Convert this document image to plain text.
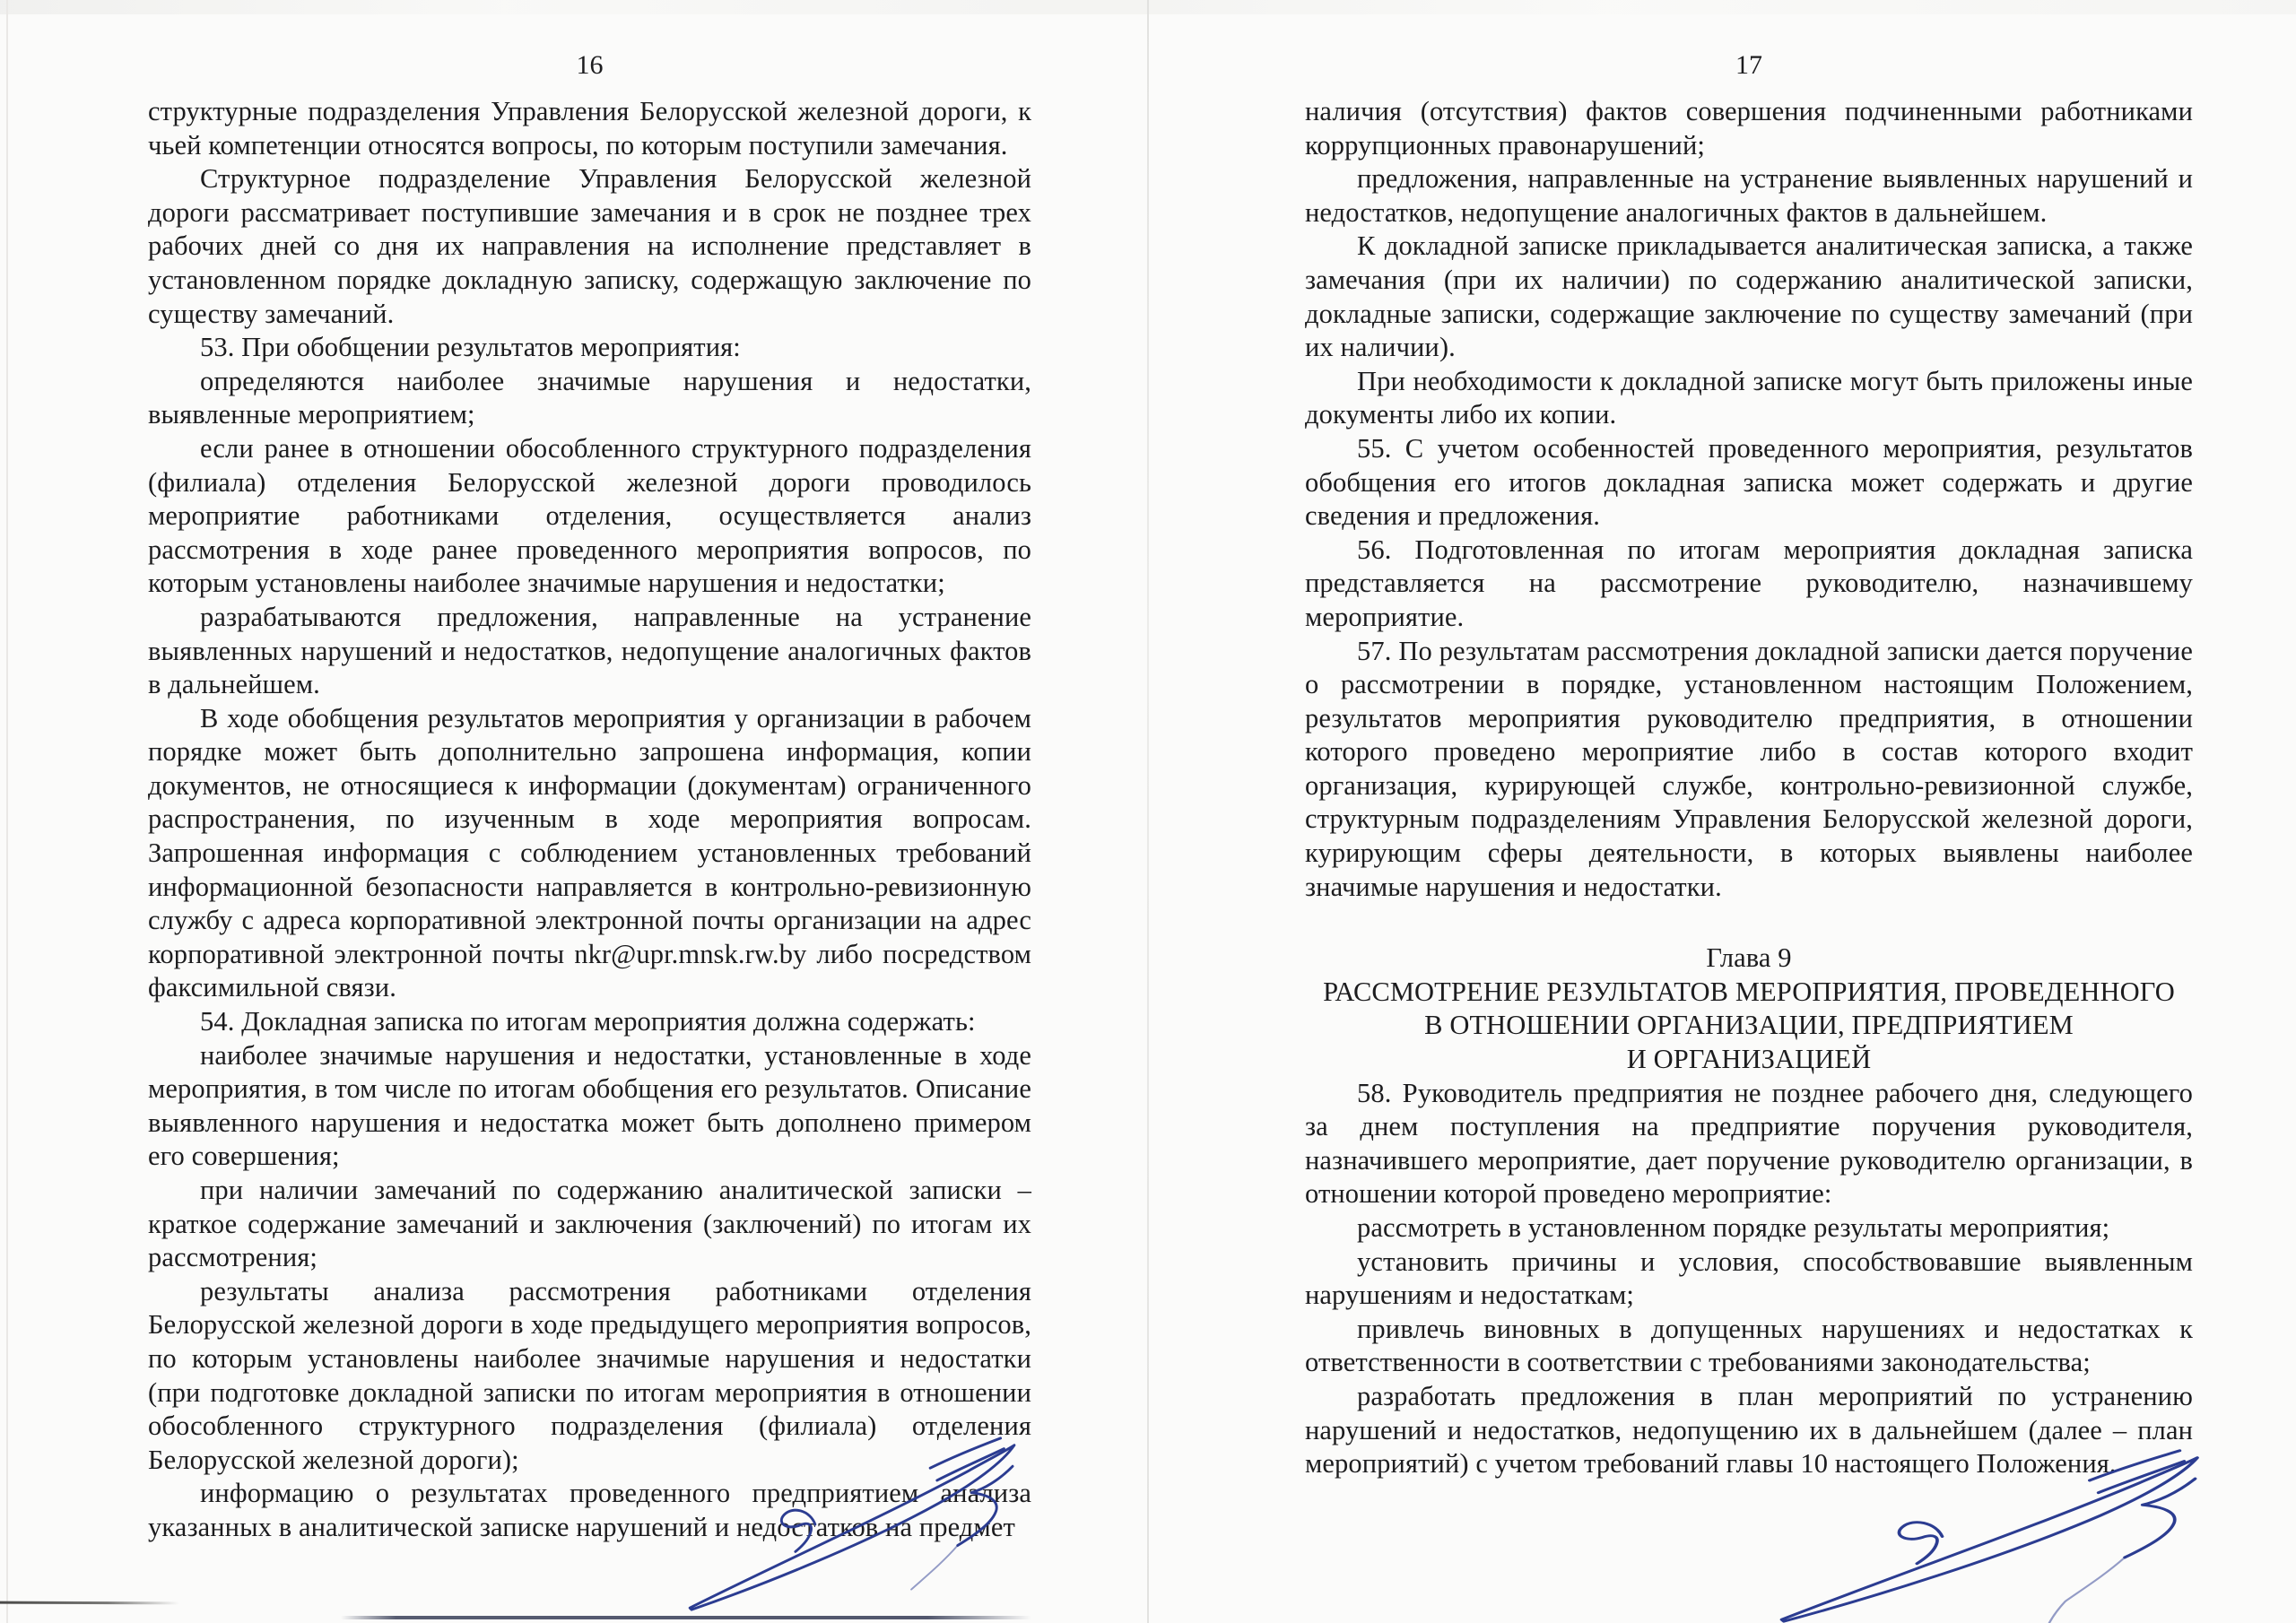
16

структурные подразделения Управления Белорусской железной дороги, к чьей компетенции относятся вопросы, по которым поступили замечания.

Структурное подразделение Управления Белорусской железной дороги рассматривает поступившие замечания и в срок не позднее трех рабочих дней со дня их направления на исполнение представляет в установленном порядке докладную записку, содержащую заключение по существу замечаний.

53. При обобщении результатов мероприятия:

определяются наиболее значимые нарушения и недостатки, выявленные мероприятием;

если ранее в отношении обособленного структурного подразделения (филиала) отделения Белорусской железной дороги проводилось мероприятие работниками отделения, осуществляется анализ рассмотрения в ходе ранее проведенного мероприятия вопросов, по которым установлены наиболее значимые нарушения и недостатки;

разрабатываются предложения, направленные на устранение выявленных нарушений и недостатков, недопущение аналогичных фактов в дальнейшем.

В ходе обобщения результатов мероприятия у организации в рабочем порядке может быть дополнительно запрошена информация, копии документов, не относящиеся к информации (документам) ограниченного распространения, по изученным в ходе мероприятия вопросам. Запрошенная информация с соблюдением установленных требований информационной безопасности направляется в контрольно-ревизионную службу с адреса корпоративной электронной почты организации на адрес корпоративной электронной почты nkr@upr.mnsk.rw.by либо посредством факсимильной связи.

54. Докладная записка по итогам мероприятия должна содержать:

наиболее значимые нарушения и недостатки, установленные в ходе мероприятия, в том числе по итогам обобщения его результатов. Описание выявленного нарушения и недостатка может быть дополнено примером его совершения;

при наличии замечаний по содержанию аналитической записки – краткое содержание замечаний и заключения (заключений) по итогам их рассмотрения;

результаты анализа рассмотрения работниками отделения Белорусской железной дороги в ходе предыдущего мероприятия вопросов, по которым установлены наиболее значимые нарушения и недостатки (при подготовке докладной записки по итогам мероприятия в отношении обособленного структурного подразделения (филиала) отделения Белорусской железной дороги);

информацию о результатах проведенного предприятием анализа указанных в аналитической записке нарушений и недостатков на предмет

17

наличия (отсутствия) фактов совершения подчиненными работниками коррупционных правонарушений;

предложения, направленные на устранение выявленных нарушений и недостатков, недопущение аналогичных фактов в дальнейшем.

К докладной записке прикладывается аналитическая записка, а также замечания (при их наличии) по содержанию аналитической записки, докладные записки, содержащие заключение по существу замечаний (при их наличии).

При необходимости к докладной записке могут быть приложены иные документы либо их копии.

55. С учетом особенностей проведенного мероприятия, результатов обобщения его итогов докладная записка может содержать и другие сведения и предложения.

56. Подготовленная по итогам мероприятия докладная записка представляется на рассмотрение руководителю, назначившему мероприятие.

57. По результатам рассмотрения докладной записки дается поручение о рассмотрении в порядке, установленном настоящим Положением, результатов мероприятия руководителю предприятия, в отношении которого проведено мероприятие либо в состав которого входит организация, курирующей службе, контрольно-ревизионной службе, структурным подразделениям Управления Белорусской железной дороги, курирующим сферы деятельности, в которых выявлены наиболее значимые нарушения и недостатки.

Глава 9

РАССМОТРЕНИЕ РЕЗУЛЬТАТОВ МЕРОПРИЯТИЯ, ПРОВЕДЕННОГО

В ОТНОШЕНИИ ОРГАНИЗАЦИИ, ПРЕДПРИЯТИЕМ

И ОРГАНИЗАЦИЕЙ

58. Руководитель предприятия не позднее рабочего дня, следующего за днем поступления на предприятие поручения руководителя, назначившего мероприятие, дает поручение руководителю организации, в отношении которой проведено мероприятие:

рассмотреть в установленном порядке результаты мероприятия;

установить причины и условия, способствовавшие выявленным нарушениям и недостаткам;

привлечь виновных в допущенных нарушениях и недостатках к ответственности в соответствии с требованиями законодательства;

разработать предложения в план мероприятий по устранению нарушений и недостатков, недопущению их в дальнейшем (далее – план мероприятий) с учетом требований главы 10 настоящего Положения.
